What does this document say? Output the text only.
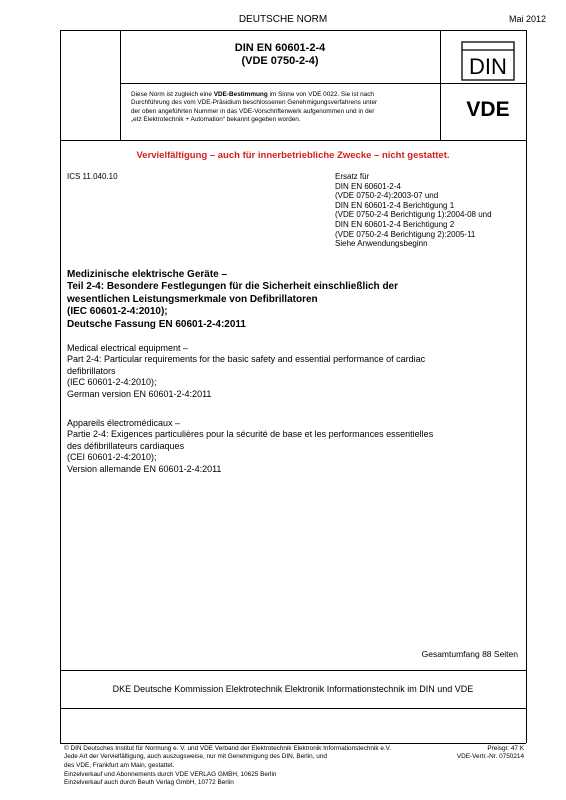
DEUTSCHE NORM	Mai 2012
DIN EN 60601-2-4
(VDE 0750-2-4)	DIN
Diese Norm ist zugleich eine VDE-Bestimmung im Sinne von VDE 0022. Sie ist nach
Durchführung des vom VDE-Präsidium beschlossenen Genehmigungsverfahrens unter
der oben angeführten Nummer in das VDE-Vorschriftenwerk aufgenommen und in der
„etz Elektrotechnik + Automation“ bekannt gegeben worden.	VDE
Vervielfältigung – auch für innerbetriebliche Zwecke – nicht gestattet.
ICS 11.040.10	Ersatz für
DIN EN 60601-2-4
(VDE 0750-2-4):2003-07 und
DIN EN 60601-2-4 Berichtigung 1
(VDE 0750-2-4 Berichtigung 1):2004-08 und
DIN EN 60601-2-4 Berichtigung 2
(VDE 0750-2-4 Berichtigung 2):2005-11
Siehe Anwendungsbeginn
Medizinische elektrische Geräte –
Teil 2-4: Besondere Festlegungen für die Sicherheit einschließlich der
wesentlichen Leistungsmerkmale von Defibrillatoren
(IEC 60601-2-4:2010);
Deutsche Fassung EN 60601-2-4:2011
Medical electrical equipment –
Part 2-4: Particular requirements for the basic safety and essential performance of cardiac
defibrillators
(IEC 60601-2-4:2010);
German version EN 60601-2-4:2011
Appareils électromédicaux –
Partie 2-4: Exigences particulières pour la sécurité de base et les performances essentielles
des défibrillateurs cardiaques
(CEI 60601-2-4:2010);
Version allemande EN 60601-2-4:2011
Gesamtumfang 88 Seiten
DKE Deutsche Kommission Elektrotechnik Elektronik Informationstechnik im DIN und VDE
© DIN Deutsches Institut für Normung e. V. und VDE Verband der Elektrotechnik Elektronik Informationstechnik e.V.
Jede Art der Vervielfältigung, auch auszugsweise, nur mit Genehmigung des DIN, Berlin, und
des VDE, Frankfurt am Main, gestattet.
Preisgr. 47 K
VDE-Vertr.-Nr. 0750214
Einzelverkauf und Abonnements durch VDE VERLAG GMBH, 10625 Berlin
Einzelverkauf auch durch Beuth Verlag GmbH, 10772 Berlin
